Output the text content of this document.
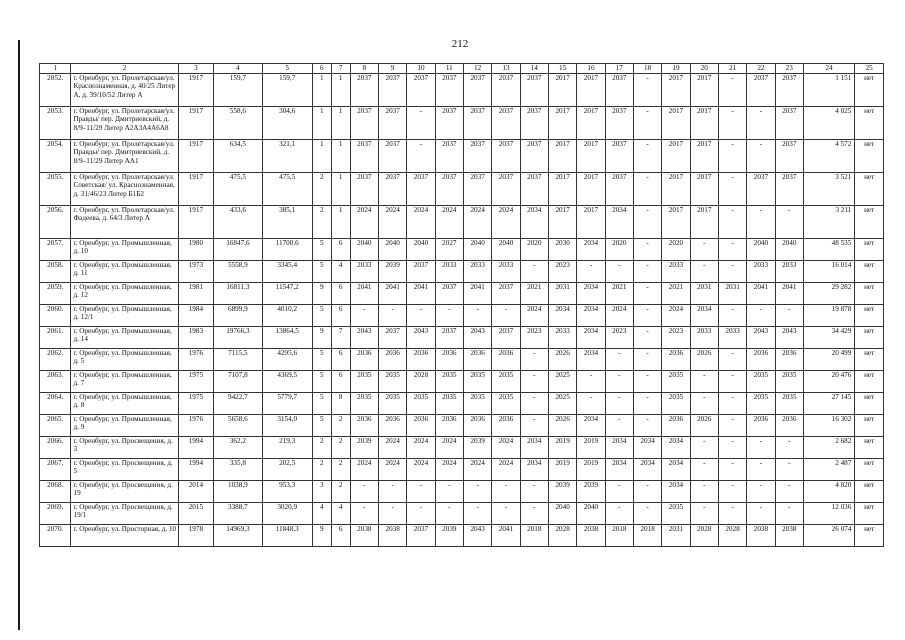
212
1	2	3	4	5	6	7	8	9	10	11	12	13	14	15	16	17	18	19	20	21	22	23	24	25
2052.	г. Оренбург, ул. Пролетарская/ул. Краснознаменная, д. 40/25 Литер А, д. 39/10/52 Литер А	1917	159,7	159,7	1	1	2037	2037	2037	2037	2037	2037	2037	2017	2017	2037	-	2017	2017	-	2037	2037	1 151	нет
2053.	г. Оренбург, ул. Пролетарская/ул. Правды/ пер. Дмитриевский, д. 8/9–11/29 Литер А2А3А4А6А8	1917	558,6	304,6	1	1	2037	2037	-	2037	2037	2037	2037	2017	2017	2037	-	2017	2017	-	-	2037	4 025	нет
2054.	г. Оренбург, ул. Пролетарская/ул. Правды/ пер. Дмитриевский, д. 8/9–11/29 Литер АА1	1917	634,5	321,1	1	1	2037	2037	-	2037	2037	2037	2037	2017	2017	2037	-	2017	2017	-	-	2037	4 572	нет
2055.	г. Оренбург, ул. Пролетарская/ул. Советская/ ул. Краснознаменная, д. 31/46/23 Литер Б1Б2	1917	475,5	475,5	2	1	2037	2037	2037	2037	2037	2037	2037	2017	2017	2037	-	2017	2017	-	2037	2037	3 521	нет
2056.	г. Оренбург, ул. Пролетарская/ул. Фадеева, д. 64/3 Литер А	1917	433,6	385,1	2	1	2024	2024	2024	2024	2024	2024	2034	2017	2017	2034	-	2017	2017	-	-	-	3 211	нет
2057.	г. Оренбург, ул. Промышленная, д. 10	1980	16847,6	11700,6	5	6	2040	2040	2040	2027	2040	2040	2020	2030	2034	2020	-	2020	-	-	2040	2040	48 535	нет
2058.	г. Оренбург, ул. Промышленная, д. 11	1973	5558,9	3345,4	5	4	2033	2039	2037	2033	2033	2033	-	2023	-	-	-	2033	-	-	2033	2033	16 014	нет
2059.	г. Оренбург, ул. Промышленная, д. 12	1981	16811,3	11547,2	9	6	2041	2041	2041	2037	2041	2037	2021	2031	2034	2021	-	2021	2031	2031	2041	2041	29 282	нет
2060.	г. Оренбург, ул. Промышленная, д. 12/1	1984	6899,9	4010,2	5	6	-	-	-	-	-	-	2024	2034	2034	2024	-	2024	2034	-	-	-	19 878	нет
2061.	г. Оренбург, ул. Промышленная, д. 14	1983	19766,3	13864,5	9	7	2043	2037	2043	2037	2043	2037	2023	2033	2034	2023	-	2023	2033	2033	2043	2043	34 429	нет
2062.	г. Оренбург, ул. Промышленная, д. 5	1976	7115,5	4295,6	5	6	2036	2036	2036	2036	2036	2036	-	2026	2034	-	-	2036	2026	-	2036	2036	20 499	нет
2063.	г. Оренбург, ул. Промышленная, д. 7	1975	7107,8	4369,5	5	6	2035	2035	2028	2035	2035	2035	-	2025	-	-	-	2035	-	-	2035	2035	20 476	нет
2064.	г. Оренбург, ул. Промышленная, д. 8	1975	9422,7	5779,7	5	8	2035	2035	2035	2035	2035	2035	-	2025	-	-	-	2035	-	-	2035	2035	27 145	нет
2065.	г. Оренбург, ул. Промышленная, д. 9	1976	5658,6	3154,0	5	2	2036	2036	2036	2036	2036	2036	-	2026	2034	-	-	2036	2026	-	2036	2036	16 302	нет
2066.	г. Оренбург, ул. Просвещения, д. 3	1994	362,2	219,3	2	2	2039	2024	2024	2024	2039	2024	2034	2019	2019	2034	2034	2034	-	-	-	-	2 682	нет
2067.	г. Оренбург, ул. Просвещения, д. 5	1994	335,8	202,5	2	2	2024	2024	2024	2024	2024	2024	2034	2019	2019	2034	2034	2034	-	-	-	-	2 487	нет
2068.	г. Оренбург, ул. Просвещения, д. 19	2014	1038,9	953,3	3	2	-	-	-	-	-	-	-	2039	2039	-	-	2034	-	-	-	-	4 820	нет
2069.	г. Оренбург, ул. Просвещения, д. 19/1	2015	3388,7	3020,9	4	4	-	-	-	-	-	-	-	2040	2040	-	-	2035	-	-	-	-	12 036	нет
2070.	г. Оренбург, ул. Просторная, д. 10	1978	14969,3	11848,3	9	6	2038	2038	2037	2039	2043	2041	2018	2028	2038	2018	2018	2031	2028	2028	2038	2038	26 074	нет
